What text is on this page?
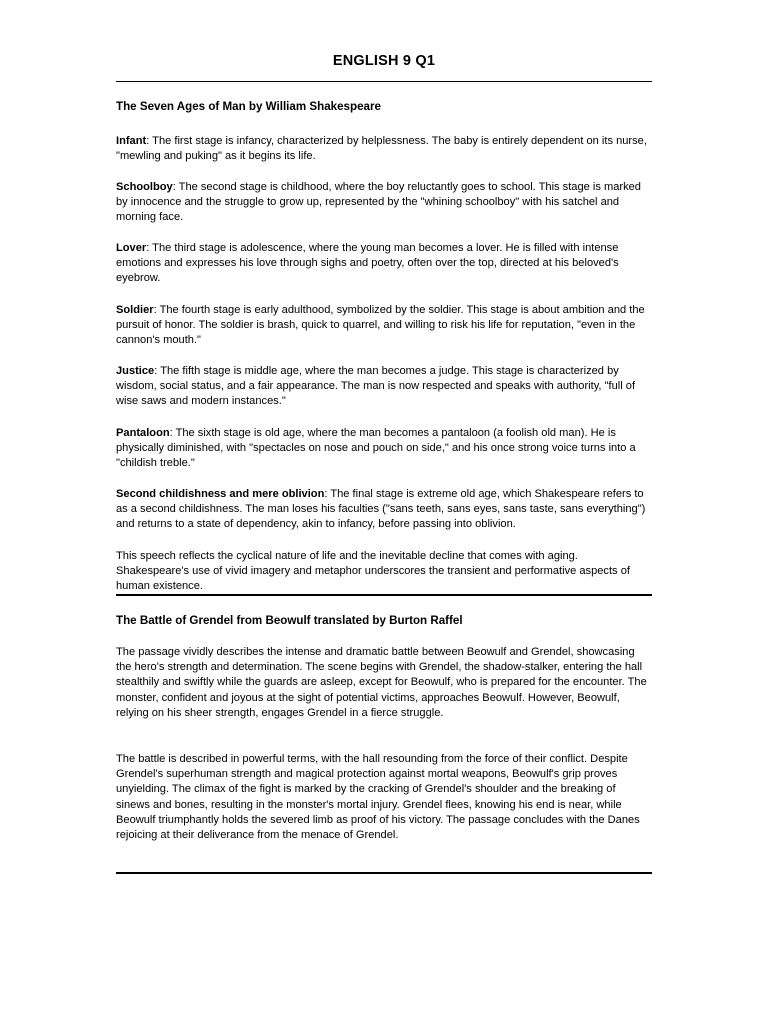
ENGLISH 9 Q1
The Seven Ages of Man by William Shakespeare

Infant: The first stage is infancy, characterized by helplessness. The baby is entirely dependent on its nurse, "mewling and puking" as it begins its life.

Schoolboy: The second stage is childhood, where the boy reluctantly goes to school. This stage is marked by innocence and the struggle to grow up, represented by the "whining schoolboy" with his satchel and morning face.

Lover: The third stage is adolescence, where the young man becomes a lover. He is filled with intense emotions and expresses his love through sighs and poetry, often over the top, directed at his beloved's eyebrow.

Soldier: The fourth stage is early adulthood, symbolized by the soldier. This stage is about ambition and the pursuit of honor. The soldier is brash, quick to quarrel, and willing to risk his life for reputation, "even in the cannon's mouth."

Justice: The fifth stage is middle age, where the man becomes a judge. This stage is characterized by wisdom, social status, and a fair appearance. The man is now respected and speaks with authority, "full of wise saws and modern instances."

Pantaloon: The sixth stage is old age, where the man becomes a pantaloon (a foolish old man). He is physically diminished, with "spectacles on nose and pouch on side," and his once strong voice turns into a "childish treble."

Second childishness and mere oblivion: The final stage is extreme old age, which Shakespeare refers to as a second childishness. The man loses his faculties ("sans teeth, sans eyes, sans taste, sans everything") and returns to a state of dependency, akin to infancy, before passing into oblivion.

This speech reflects the cyclical nature of life and the inevitable decline that comes with aging. Shakespeare's use of vivid imagery and metaphor underscores the transient and performative aspects of human existence.

The Battle of Grendel from Beowulf translated by Burton Raffel

The passage vividly describes the intense and dramatic battle between Beowulf and Grendel, showcasing the hero's strength and determination. The scene begins with Grendel, the shadow-stalker, entering the hall stealthily and swiftly while the guards are asleep, except for Beowulf, who is prepared for the encounter. The monster, confident and joyous at the sight of potential victims, approaches Beowulf. However, Beowulf, relying on his sheer strength, engages Grendel in a fierce struggle.

The battle is described in powerful terms, with the hall resounding from the force of their conflict. Despite Grendel's superhuman strength and magical protection against mortal weapons, Beowulf's grip proves unyielding. The climax of the fight is marked by the cracking of Grendel's shoulder and the breaking of sinews and bones, resulting in the monster's mortal injury. Grendel flees, knowing his end is near, while Beowulf triumphantly holds the severed limb as proof of his victory. The passage concludes with the Danes rejoicing at their deliverance from the menace of Grendel.
